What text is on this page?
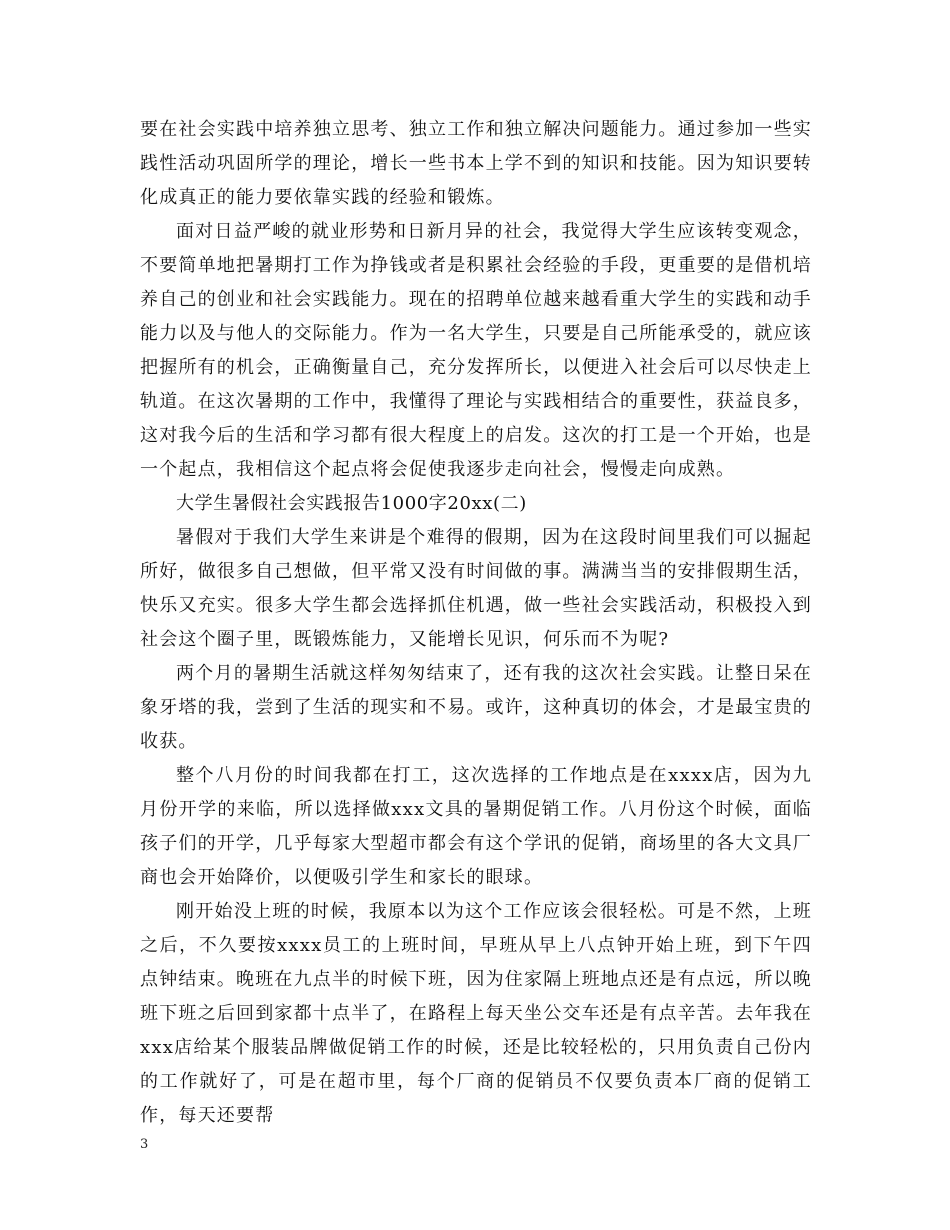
要在社会实践中培养独立思考、独立工作和独立解决问题能力。通过参加一些实践性活动巩固所学的理论，增长一些书本上学不到的知识和技能。因为知识要转化成真正的能力要依靠实践的经验和锻炼。

面对日益严峻的就业形势和日新月异的社会，我觉得大学生应该转变观念，不要简单地把暑期打工作为挣钱或者是积累社会经验的手段，更重要的是借机培养自己的创业和社会实践能力。现在的招聘单位越来越看重大学生的实践和动手能力以及与他人的交际能力。作为一名大学生，只要是自己所能承受的，就应该把握所有的机会，正确衡量自己，充分发挥所长，以便进入社会后可以尽快走上轨道。在这次暑期的工作中，我懂得了理论与实践相结合的重要性，获益良多，这对我今后的生活和学习都有很大程度上的启发。这次的打工是一个开始，也是一个起点，我相信这个起点将会促使我逐步走向社会，慢慢走向成熟。

大学生暑假社会实践报告1000字20xx(二)

暑假对于我们大学生来讲是个难得的假期，因为在这段时间里我们可以掘起所好，做很多自己想做，但平常又没有时间做的事。满满当当的安排假期生活，快乐又充实。很多大学生都会选择抓住机遇，做一些社会实践活动，积极投入到社会这个圈子里，既锻炼能力，又能增长见识，何乐而不为呢?

两个月的暑期生活就这样匆匆结束了，还有我的这次社会实践。让整日呆在象牙塔的我，尝到了生活的现实和不易。或许，这种真切的体会，才是最宝贵的收获。

整个八月份的时间我都在打工，这次选择的工作地点是在xxxx店，因为九月份开学的来临，所以选择做xxx文具的暑期促销工作。八月份这个时候，面临孩子们的开学，几乎每家大型超市都会有这个学讯的促销，商场里的各大文具厂商也会开始降价，以便吸引学生和家长的眼球。

刚开始没上班的时候，我原本以为这个工作应该会很轻松。可是不然，上班之后，不久要按xxxx员工的上班时间，早班从早上八点钟开始上班，到下午四点钟结束。晚班在九点半的时候下班，因为住家隔上班地点还是有点远，所以晚班下班之后回到家都十点半了，在路程上每天坐公交车还是有点辛苦。去年我在xxx店给某个服装品牌做促销工作的时候，还是比较轻松的，只用负责自己份内的工作就好了，可是在超市里，每个厂商的促销员不仅要负责本厂商的促销工作，每天还要帮

3
